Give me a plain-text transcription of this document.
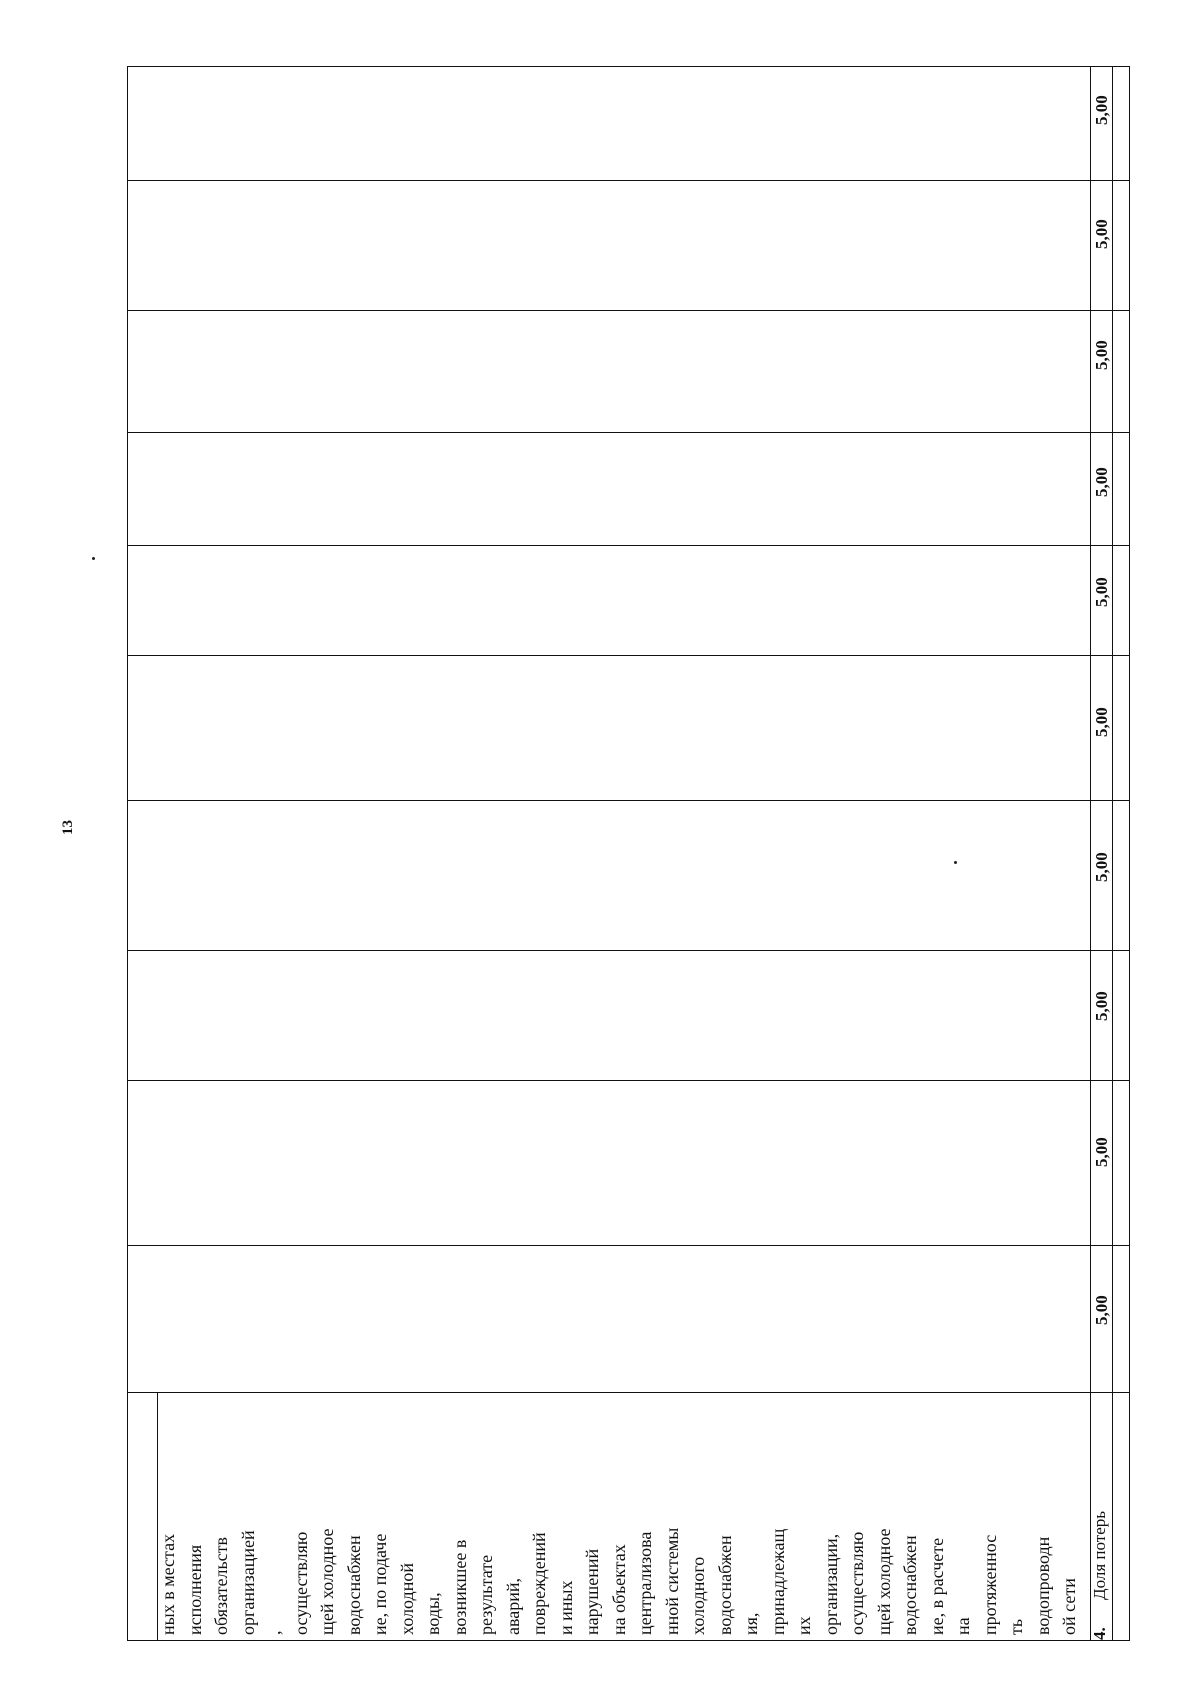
13
ных в местах исполнения обязательств организацией , осуществляю щей холодное водоснабжен ие, по подаче холодной воды, возникшее в результате аварий, повреждений и иных нарушений на объектах централизова нной системы холодного водоснабжен ия, принадлежащ их организации, осуществляю щей холодное водоснабжен ие, в расчете на протяженнос ть водопроводн ой сети 4.
Доля потерь
5,00
5,00
5,00
5,00
5,00
5,00
5,00
5,00
5,00
5,00
